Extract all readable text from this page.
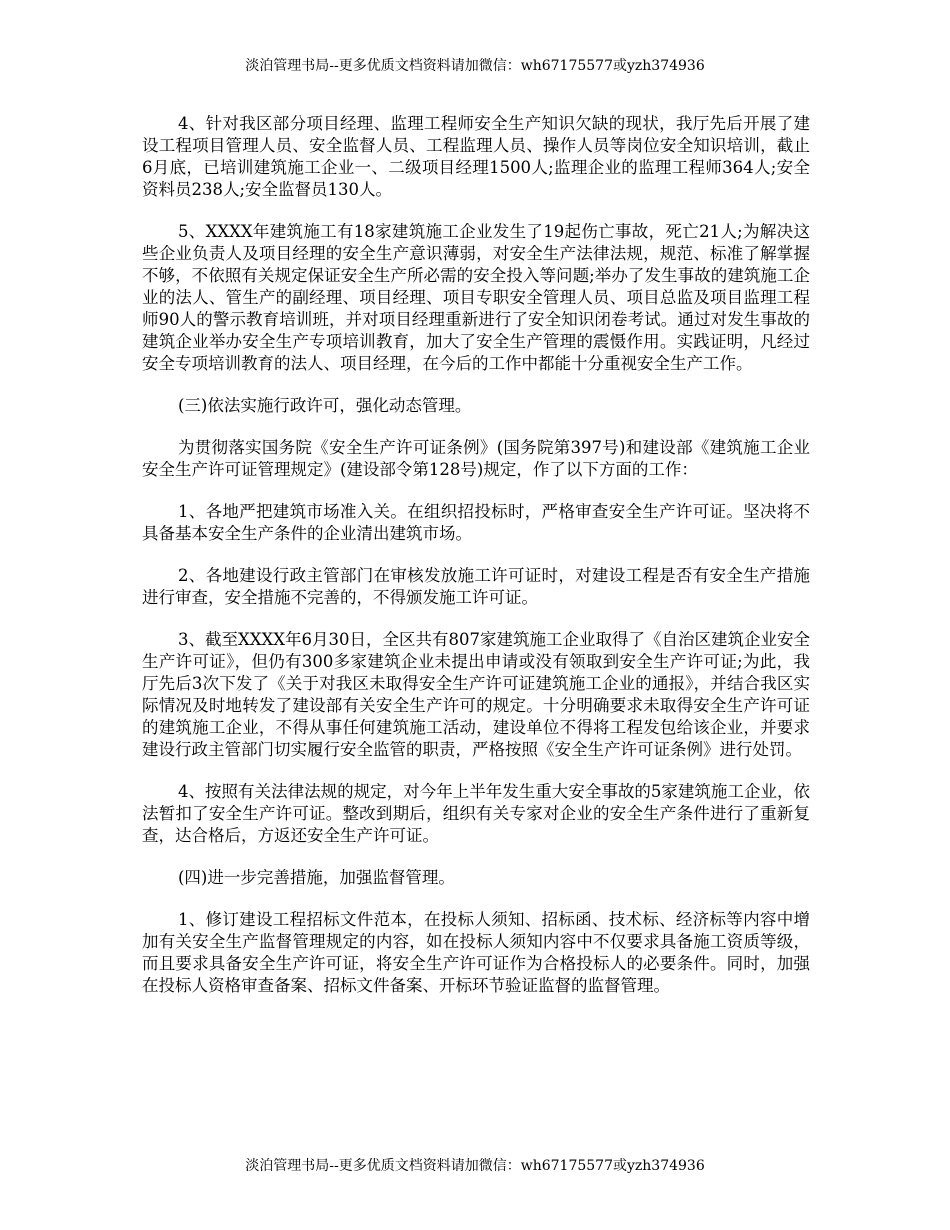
淡泊管理书局--更多优质文档资料请加微信：wh67175577或yzh374936

4、针对我区部分项目经理、监理工程师安全生产知识欠缺的现状，我厅先后开展了建设工程项目管理人员、安全监督人员、工程监理人员、操作人员等岗位安全知识培训，截止6月底，已培训建筑施工企业一、二级项目经理1500人;监理企业的监理工程师364人;安全资料员238人;安全监督员130人。

5、XXXX年建筑施工有18家建筑施工企业发生了19起伤亡事故，死亡21人;为解决这些企业负责人及项目经理的安全生产意识薄弱，对安全生产法律法规，规范、标准了解掌握不够，不依照有关规定保证安全生产所必需的安全投入等问题;举办了发生事故的建筑施工企业的法人、管生产的副经理、项目经理、项目专职安全管理人员、项目总监及项目监理工程师90人的警示教育培训班，并对项目经理重新进行了安全知识闭卷考试。通过对发生事故的建筑企业举办安全生产专项培训教育，加大了安全生产管理的震慑作用。实践证明，凡经过安全专项培训教育的法人、项目经理，在今后的工作中都能十分重视安全生产工作。

(三)依法实施行政许可，强化动态管理。

为贯彻落实国务院《安全生产许可证条例》(国务院第397号)和建设部《建筑施工企业安全生产许可证管理规定》(建设部令第128号)规定，作了以下方面的工作：

1、各地严把建筑市场准入关。在组织招投标时，严格审查安全生产许可证。坚决将不具备基本安全生产条件的企业清出建筑市场。

2、各地建设行政主管部门在审核发放施工许可证时，对建设工程是否有安全生产措施进行审查，安全措施不完善的，不得颁发施工许可证。

3、截至XXXX年6月30日，全区共有807家建筑施工企业取得了《自治区建筑企业安全生产许可证》，但仍有300多家建筑企业未提出申请或没有领取到安全生产许可证;为此，我厅先后3次下发了《关于对我区未取得安全生产许可证建筑施工企业的通报》，并结合我区实际情况及时地转发了建设部有关安全生产许可的规定。十分明确要求未取得安全生产许可证的建筑施工企业，不得从事任何建筑施工活动，建设单位不得将工程发包给该企业，并要求建设行政主管部门切实履行安全监管的职责，严格按照《安全生产许可证条例》进行处罚。

4、按照有关法律法规的规定，对今年上半年发生重大安全事故的5家建筑施工企业，依法暂扣了安全生产许可证。整改到期后，组织有关专家对企业的安全生产条件进行了重新复查，达合格后，方返还安全生产许可证。

(四)进一步完善措施，加强监督管理。

1、修订建设工程招标文件范本，在投标人须知、招标函、技术标、经济标等内容中增加有关安全生产监督管理规定的内容，如在投标人须知内容中不仅要求具备施工资质等级，而且要求具备安全生产许可证，将安全生产许可证作为合格投标人的必要条件。同时，加强在投标人资格审查备案、招标文件备案、开标环节验证监督的监督管理。

淡泊管理书局--更多优质文档资料请加微信：wh67175577或yzh374936
